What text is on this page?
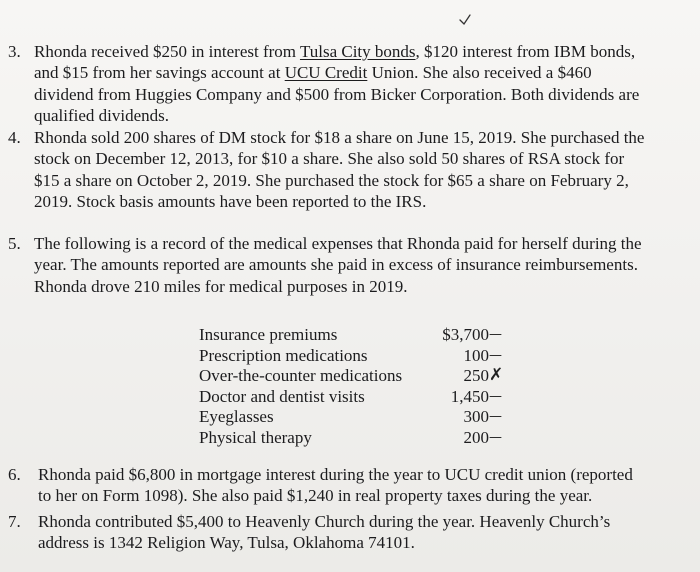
3. Rhonda received $250 in interest from Tulsa City bonds, $120 interest from IBM bonds,
and $15 from her savings account at UCU Credit Union. She also received a $460
dividend from Huggies Company and $500 from Bicker Corporation. Both dividends are
qualified dividends.
4. Rhonda sold 200 shares of DM stock for $18 a share on June 15, 2019. She purchased the
stock on December 12, 2013, for $10 a share. She also sold 50 shares of RSA stock for
$15 a share on October 2, 2019. She purchased the stock for $65 a share on February 2,
2019. Stock basis amounts have been reported to the IRS.
5. The following is a record of the medical expenses that Rhonda paid for herself during the
year. The amounts reported are amounts she paid in excess of insurance reimbursements.
Rhonda drove 210 miles for medical purposes in 2019.
Insurance premiums	$3,700	—
Prescription medications	100	—
Over-the-counter medications	250	✗
Doctor and dentist visits	1,450	—
Eyeglasses	300	—
Physical therapy	200	—
6. Rhonda paid $6,800 in mortgage interest during the year to UCU credit union (reported
to her on Form 1098). She also paid $1,240 in real property taxes during the year.
7. Rhonda contributed $5,400 to Heavenly Church during the year. Heavenly Church’s
address is 1342 Religion Way, Tulsa, Oklahoma 74101.
